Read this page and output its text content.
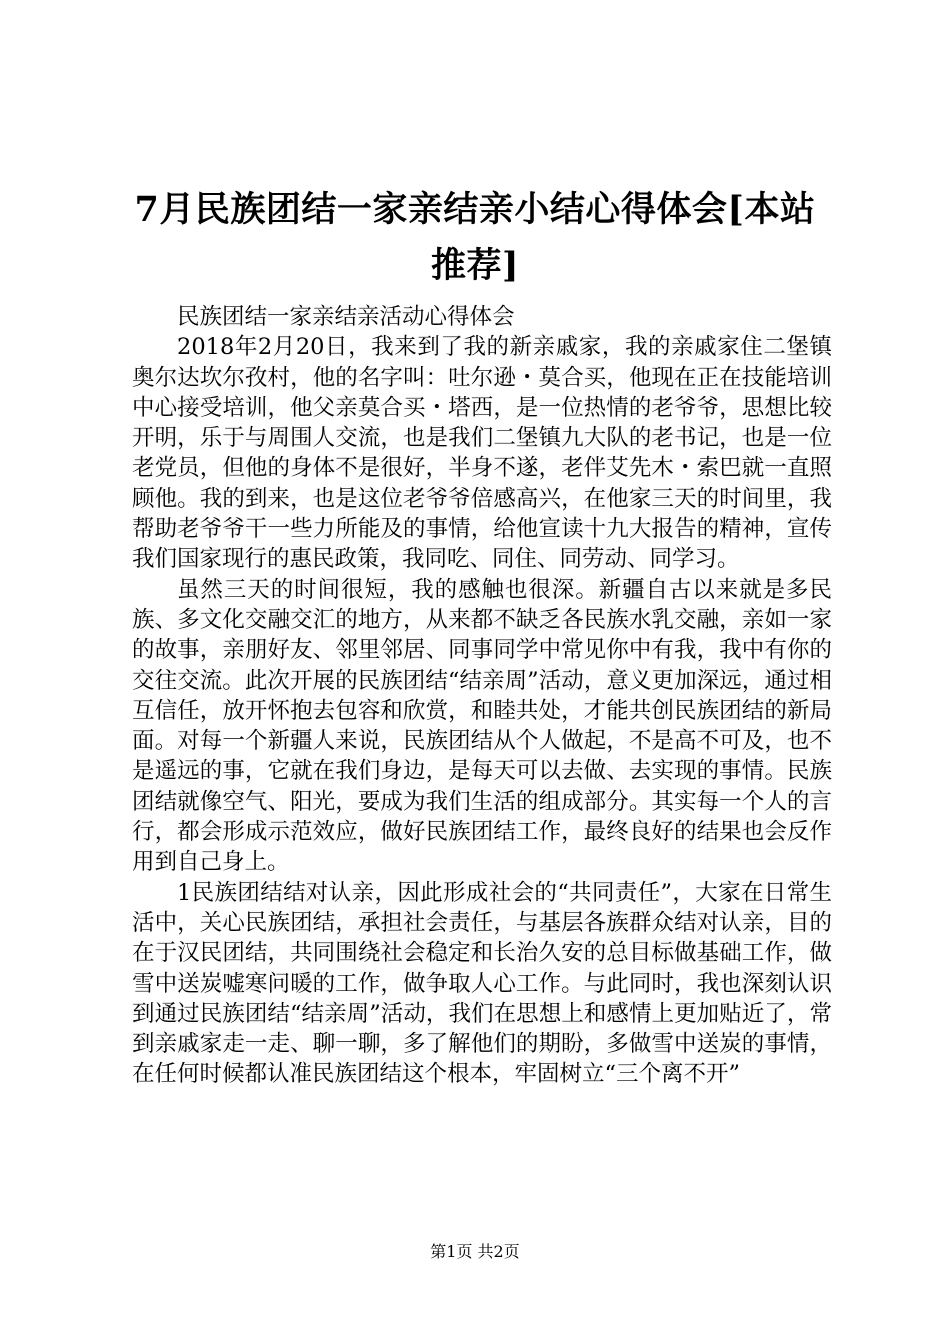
7月民族团结一家亲结亲小结心得体会[本站推荐]

民族团结一家亲结亲活动心得体会

2018年2月20日，我来到了我的新亲戚家，我的亲戚家住二堡镇奥尔达坎尔孜村，他的名字叫：吐尔逊・莫合买，他现在正在技能培训中心接受培训，他父亲莫合买・塔西，是一位热情的老爷爷，思想比较开明，乐于与周围人交流，也是我们二堡镇九大队的老书记，也是一位老党员，但他的身体不是很好，半身不遂，老伴艾先木・索巴就一直照顾他。我的到来，也是这位老爷爷倍感高兴，在他家三天的时间里，我帮助老爷爷干一些力所能及的事情，给他宣读十九大报告的精神，宣传我们国家现行的惠民政策，我同吃、同住、同劳动、同学习。

虽然三天的时间很短，我的感触也很深。新疆自古以来就是多民族、多文化交融交汇的地方，从来都不缺乏各民族水乳交融，亲如一家的故事，亲朋好友、邻里邻居、同事同学中常见你中有我，我中有你的交往交流。此次开展的民族团结“结亲周”活动，意义更加深远，通过相互信任，放开怀抱去包容和欣赏，和睦共处，才能共创民族团结的新局面。对每一个新疆人来说，民族团结从个人做起，不是高不可及，也不是遥远的事，它就在我们身边，是每天可以去做、去实现的事情。民族团结就像空气、阳光，要成为我们生活的组成部分。其实每一个人的言行，都会形成示范效应，做好民族团结工作，最终良好的结果也会反作用到自己身上。

1民族团结结对认亲，因此形成社会的“共同责任”，大家在日常生活中，关心民族团结，承担社会责任，与基层各族群众结对认亲，目的在于汉民团结，共同围绕社会稳定和长治久安的总目标做基础工作，做雪中送炭嘘寒问暖的工作，做争取人心工作。与此同时，我也深刻认识到通过民族团结“结亲周”活动，我们在思想上和感情上更加贴近了，常到亲戚家走一走、聊一聊，多了解他们的期盼，多做雪中送炭的事情，在任何时候都认准民族团结这个根本，牢固树立“三个离不开”

第1页 共2页
